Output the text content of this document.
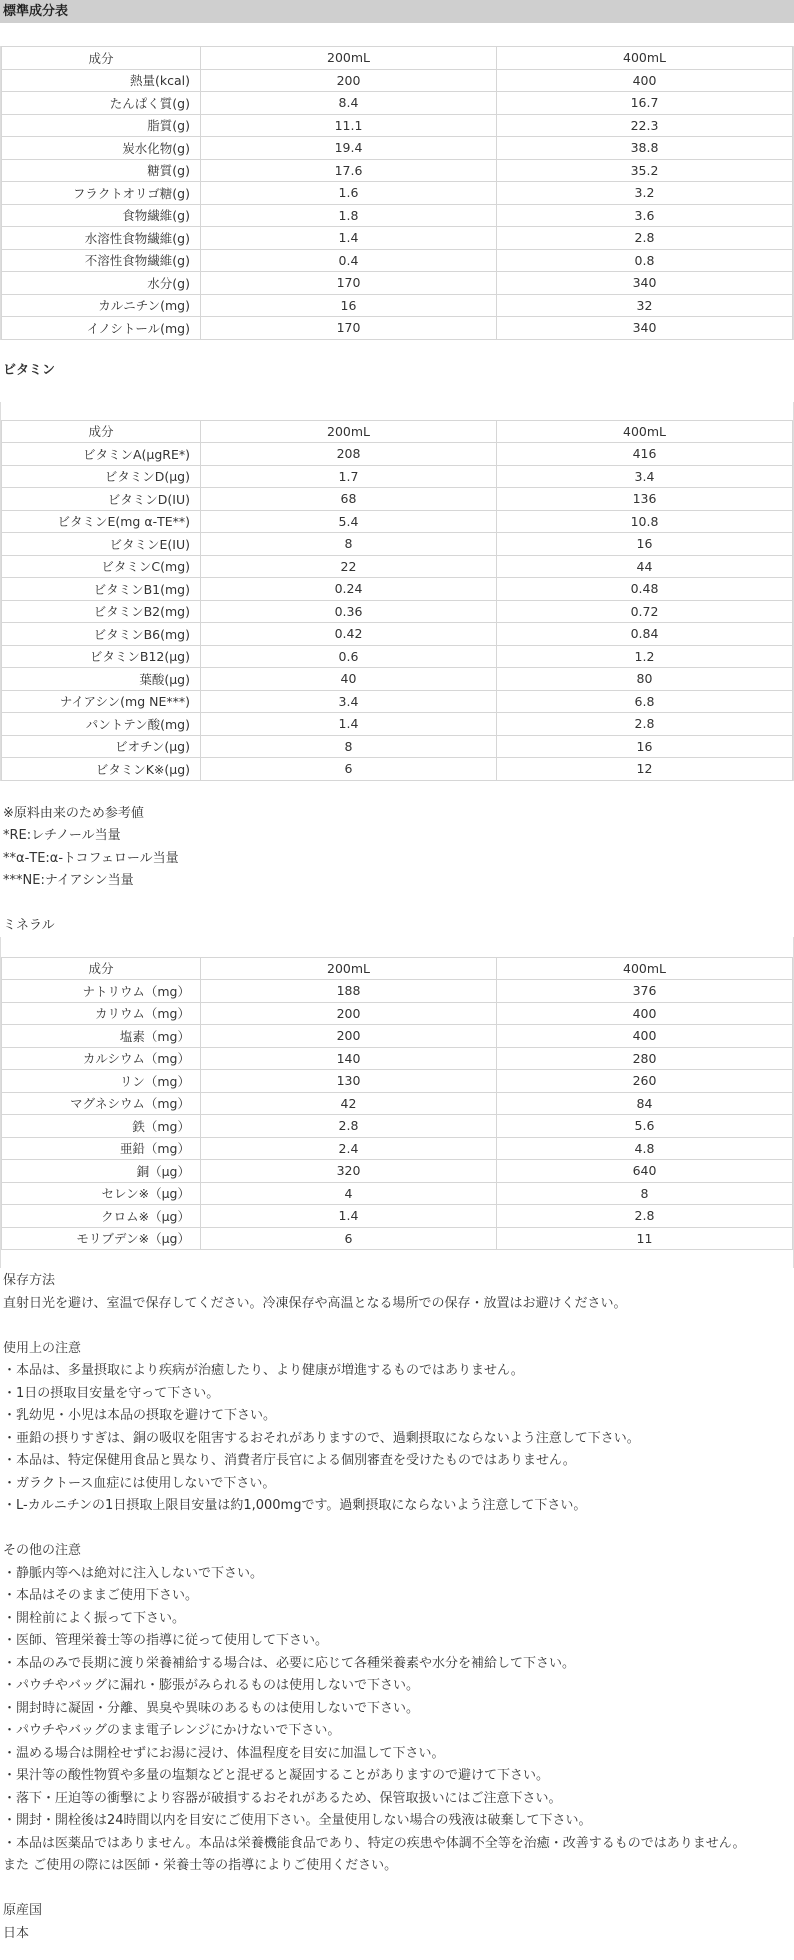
標準成分表
成分	200mL	400mL
熱量(kcal)	200	400
たんぱく質(g)	8.4	16.7
脂質(g)	11.1	22.3
炭水化物(g)	19.4	38.8
糖質(g)	17.6	35.2
フラクトオリゴ糖(g)	1.6	3.2
食物繊維(g)	1.8	3.6
水溶性食物繊維(g)	1.4	2.8
不溶性食物繊維(g)	0.4	0.8
水分(g)	170	340
カルニチン(mg)	16	32
イノシトール(mg)	170	340
ビタミン
成分	200mL	400mL
ビタミンA(μgRE*)	208	416
ビタミンD(μg)	1.7	3.4
ビタミンD(IU)	68	136
ビタミンE(mg α-TE**)	5.4	10.8
ビタミンE(IU)	8	16
ビタミンC(mg)	22	44
ビタミンB1(mg)	0.24	0.48
ビタミンB2(mg)	0.36	0.72
ビタミンB6(mg)	0.42	0.84
ビタミンB12(μg)	0.6	1.2
葉酸(μg)	40	80
ナイアシン(mg NE***)	3.4	6.8
パントテン酸(mg)	1.4	2.8
ビオチン(μg)	8	16
ビタミンK※(μg)	6	12
※原料由来のため参考値
*RE:レチノール当量
**α-TE:α-トコフェロール当量
***NE:ナイアシン当量
ミネラル
成分	200mL	400mL
ナトリウム（mg）	188	376
カリウム（mg）	200	400
塩素（mg）	200	400
カルシウム（mg）	140	280
リン（mg）	130	260
マグネシウム（mg）	42	84
鉄（mg）	2.8	5.6
亜鉛（mg）	2.4	4.8
銅（μg）	320	640
セレン※（μg）	4	8
クロム※（μg）	1.4	2.8
モリブデン※（μg）	6	11
保存方法
直射日光を避け、室温で保存してください。冷凍保存や高温となる場所での保存・放置はお避けください。
使用上の注意
・本品は、多量摂取により疾病が治癒したり、より健康が増進するものではありません。
・1日の摂取目安量を守って下さい。
・乳幼児・小児は本品の摂取を避けて下さい。
・亜鉛の摂りすぎは、銅の吸収を阻害するおそれがありますので、過剰摂取にならないよう注意して下さい。
・本品は、特定保健用食品と異なり、消費者庁長官による個別審査を受けたものではありません。
・ガラクトース血症には使用しないで下さい。
・L-カルニチンの1日摂取上限目安量は約1,000mgです。過剰摂取にならないよう注意して下さい。
その他の注意
・静脈内等へは絶対に注入しないで下さい。
・本品はそのままご使用下さい。
・開栓前によく振って下さい。
・医師、管理栄養士等の指導に従って使用して下さい。
・本品のみで長期に渡り栄養補給する場合は、必要に応じて各種栄養素や水分を補給して下さい。
・パウチやバッグに漏れ・膨張がみられるものは使用しないで下さい。
・開封時に凝固・分離、異臭や異味のあるものは使用しないで下さい。
・パウチやバッグのまま電子レンジにかけないで下さい。
・温める場合は開栓せずにお湯に浸け、体温程度を目安に加温して下さい。
・果汁等の酸性物質や多量の塩類などと混ぜると凝固することがありますので避けて下さい。
・落下・圧迫等の衝撃により容器が破損するおそれがあるため、保管取扱いにはご注意下さい。
・開封・開栓後は24時間以内を目安にご使用下さい。全量使用しない場合の残液は破棄して下さい。
・本品は医薬品ではありません。本品は栄養機能食品であり、特定の疾患や体調不全等を治癒・改善するものではありません。
また ご使用の際には医師・栄養士等の指導によりご使用ください。
原産国
日本
